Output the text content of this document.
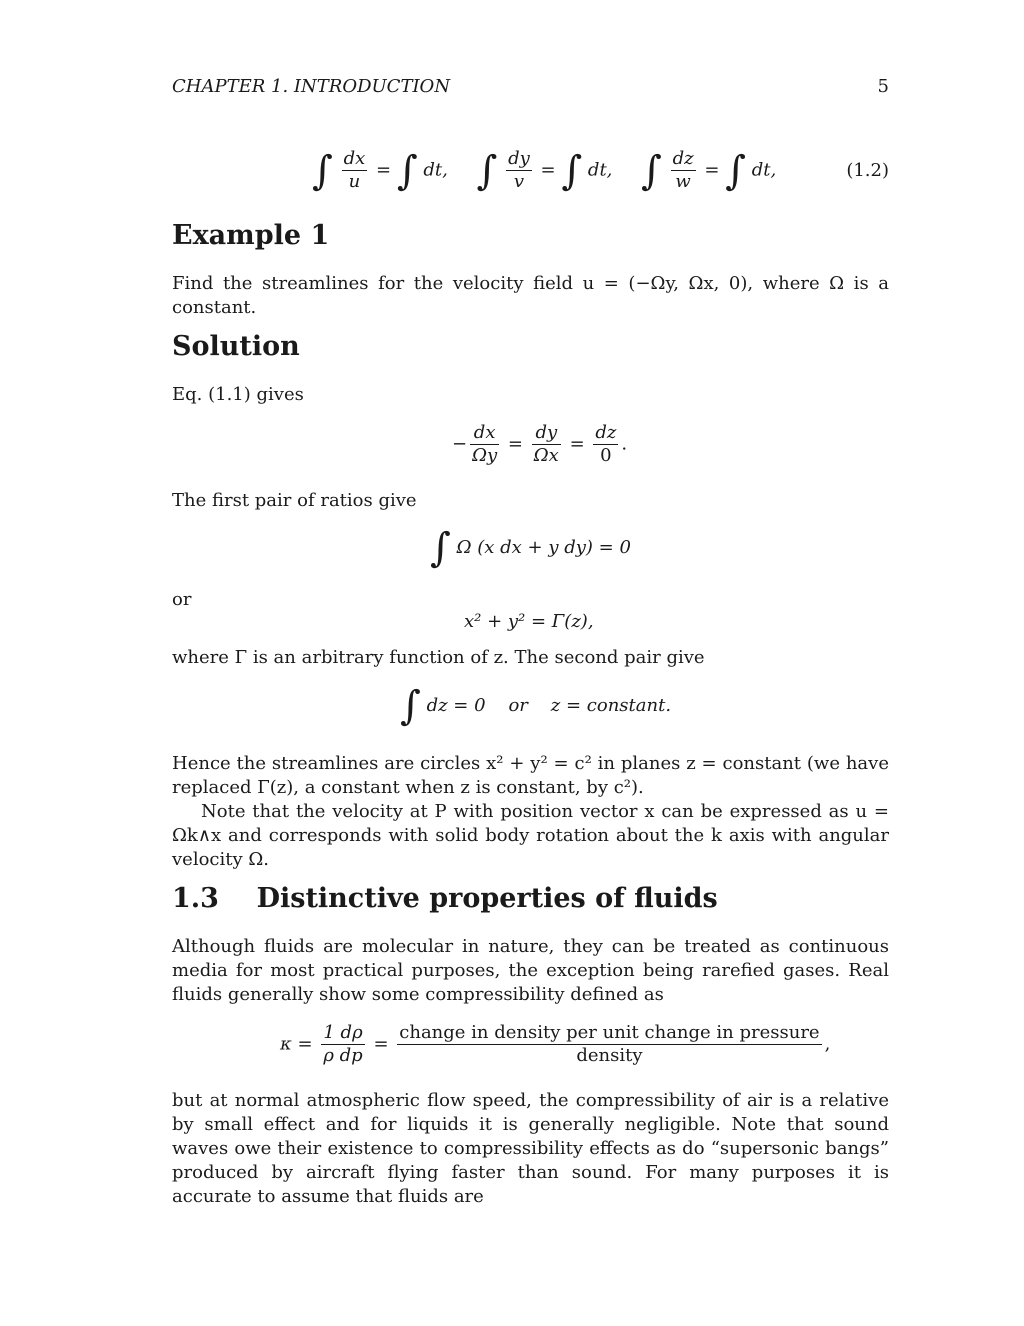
CHAPTER 1. INTRODUCTION	5
∫ $\frac{dx}{u}$ = ∫ dt, ∫ $\frac{dy}{v}$ = ∫ dt, ∫ $\frac{dz}{w}$ = ∫ dt,	(1.2)
Example 1
Find the streamlines for the velocity field u = (−Ωy, Ωx, 0), where Ω is a constant.
Solution
Eq. (1.1) gives
− $\frac{dx}{\Omega y} = \frac{dy}{\Omega x} = \frac{dz}{0}$ .
The first pair of ratios give
∫ Ω (x dx + y dy) = 0
or
x² + y² = Γ(z),
where Γ is an arbitrary function of z. The second pair give
∫ dz = 0    or    z = constant.
Hence the streamlines are circles x² + y² = c² in planes z = constant (we have replaced Γ(z), a constant when z is constant, by c²).
Note that the velocity at P with position vector x can be expressed as u = Ωk∧x and corresponds with solid body rotation about the k axis with angular velocity Ω.
1.3    Distinctive properties of fluids
Although fluids are molecular in nature, they can be treated as continuous media for most practical purposes, the exception being rarefied gases. Real fluids generally show some compressibility defined as
$\kappa = \frac{1 d\rho}{\text{ρ dp}} = \frac{\text{change in density per unit change in pressure}}{\text{density}}$ ,
but at normal atmospheric flow speed, the compressibility of air is a relative by small effect and for liquids it is generally negligible. Note that sound waves owe their existence to compressibility effects as do “supersonic bangs” produced by aircraft flying faster than sound. For many purposes it is accurate to assume that fluids are
